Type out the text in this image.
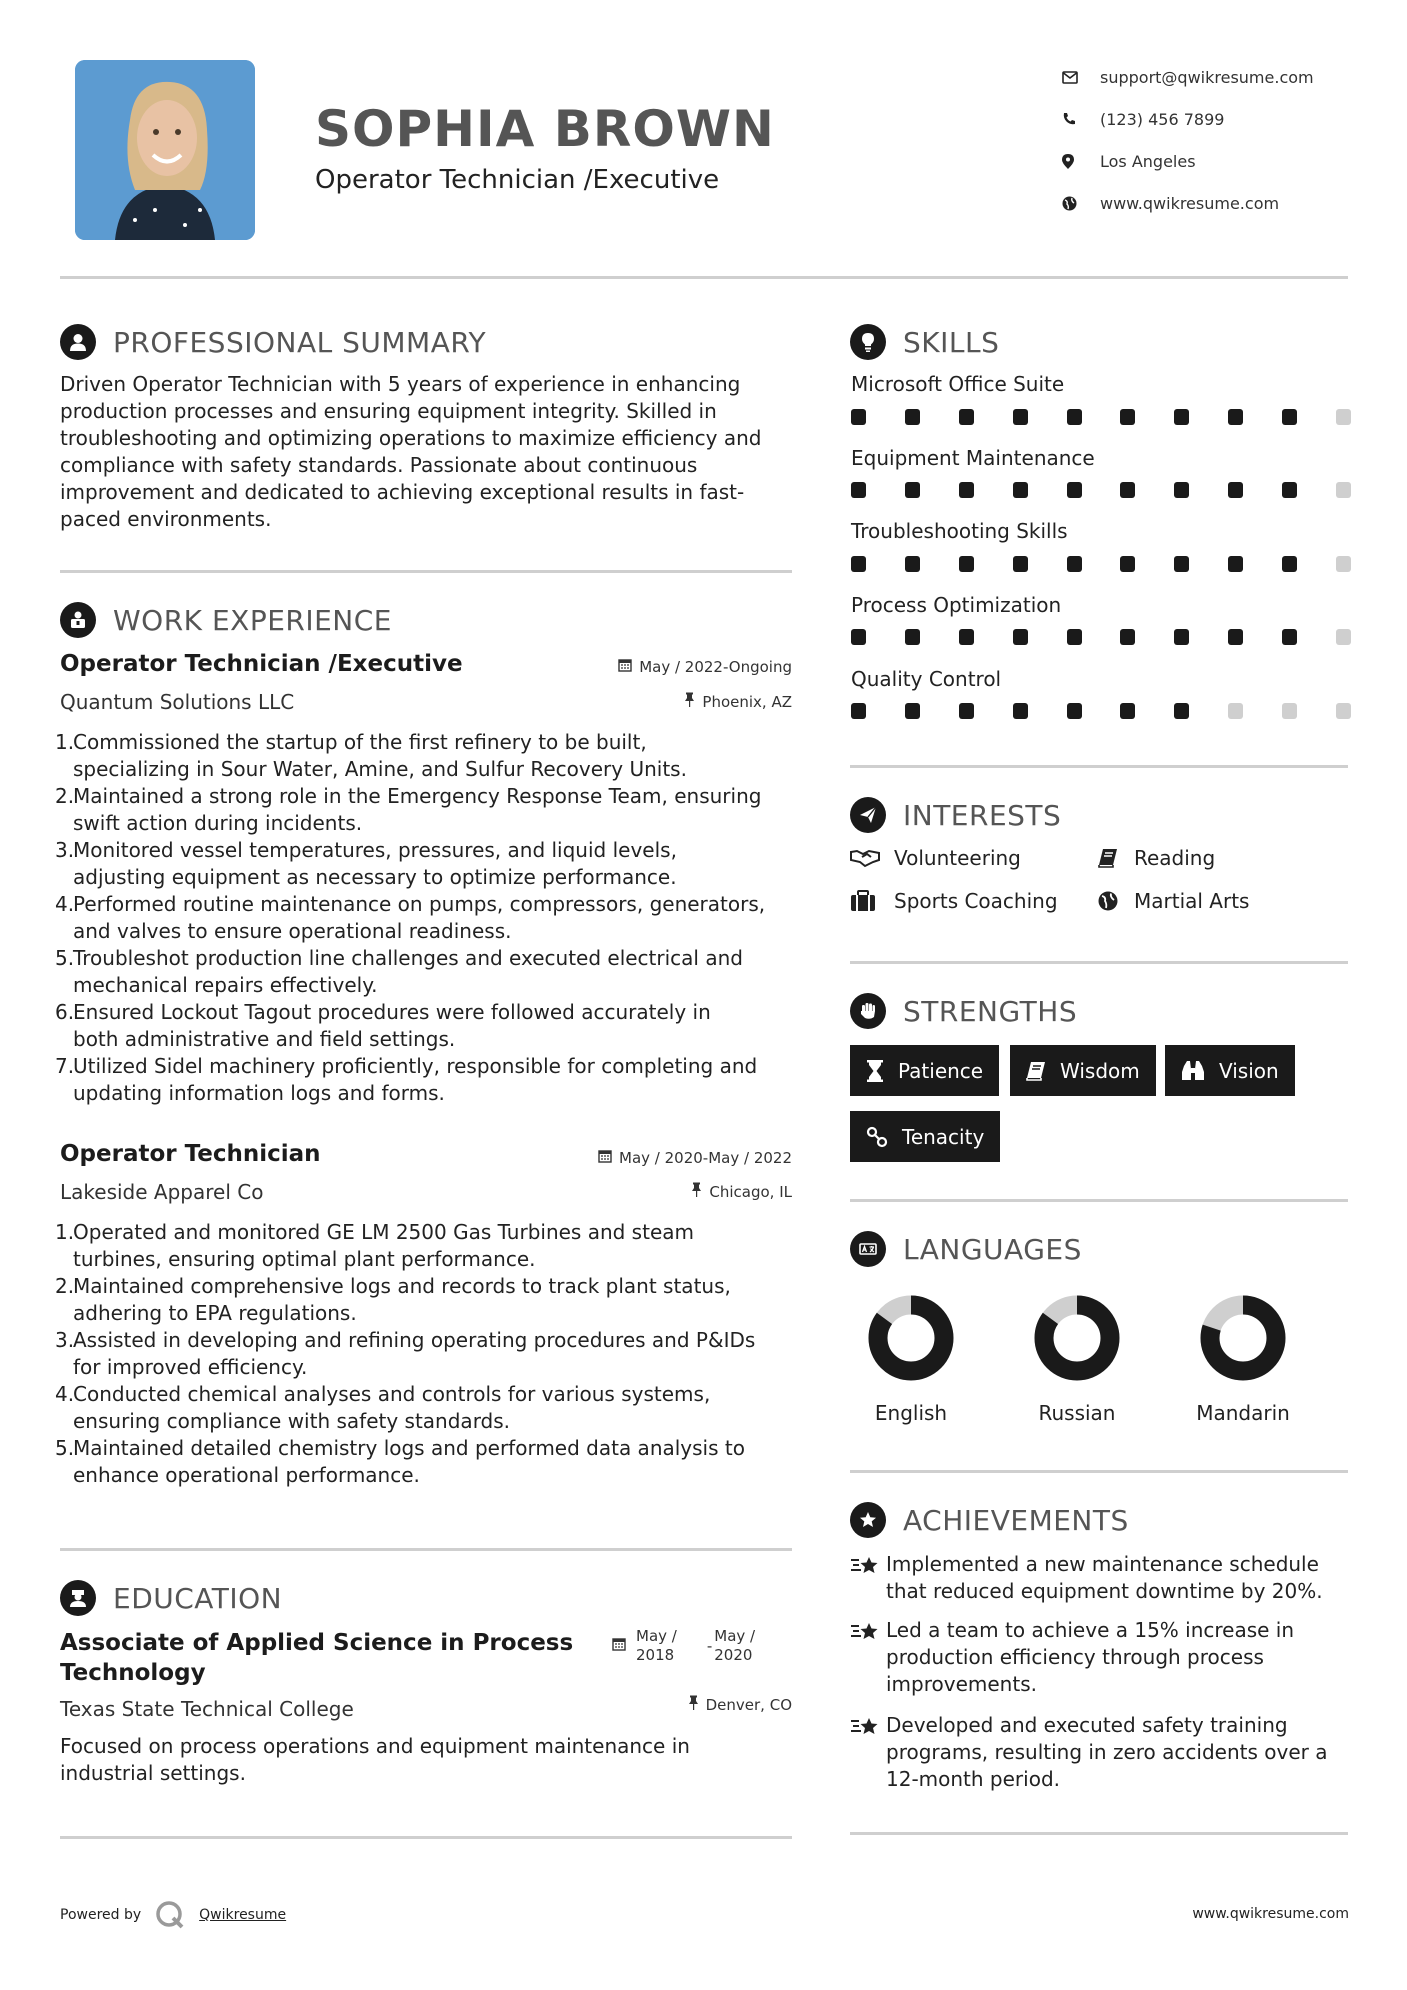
SOPHIA BROWN
Operator Technician /Executive
support@qwikresume.com
(123) 456 7899
Los Angeles
www.qwikresume.com
PROFESSIONAL SUMMARY
Driven Operator Technician with 5 years of experience in enhancing
production processes and ensuring equipment integrity. Skilled in
troubleshooting and optimizing operations to maximize efficiency and
compliance with safety standards. Passionate about continuous
improvement and dedicated to achieving exceptional results in fast-
paced environments.
WORK EXPERIENCE
Operator Technician /Executive	May / 2022-Ongoing
Quantum Solutions LLC	Phoenix, AZ
1.
Commissioned the startup of the first refinery to be built,
specializing in Sour Water, Amine, and Sulfur Recovery Units.
2.
Maintained a strong role in the Emergency Response Team, ensuring
swift action during incidents.
3.
Monitored vessel temperatures, pressures, and liquid levels,
adjusting equipment as necessary to optimize performance.
4.
Performed routine maintenance on pumps, compressors, generators,
and valves to ensure operational readiness.
5.
Troubleshot production line challenges and executed electrical and
mechanical repairs effectively.
6.
Ensured Lockout Tagout procedures were followed accurately in
both administrative and field settings.
7.
Utilized Sidel machinery proficiently, responsible for completing and
updating information logs and forms.
Operator Technician	May / 2020-May / 2022
Lakeside Apparel Co	Chicago, IL
1.
Operated and monitored GE LM 2500 Gas Turbines and steam
turbines, ensuring optimal plant performance.
2.
Maintained comprehensive logs and records to track plant status,
adhering to EPA regulations.
3.
Assisted in developing and refining operating procedures and P&IDs
for improved efficiency.
4.
Conducted chemical analyses and controls for various systems,
ensuring compliance with safety standards.
5.
Maintained detailed chemistry logs and performed data analysis to
enhance operational performance.
EDUCATION
Associate of Applied Science in Process
Technology
May /
2018 -
May /
2020
Texas State Technical College	Denver, CO
Focused on process operations and equipment maintenance in
industrial settings.
SKILLS
Microsoft Office Suite
Equipment Maintenance
Troubleshooting Skills
Process Optimization
Quality Control
INTERESTS
Volunteering	Reading
Sports Coaching	Martial Arts
STRENGTHS
Patience	Wisdom	Vision
Tenacity
LANGUAGES
English	Russian	Mandarin
ACHIEVEMENTS
Implemented a new maintenance schedule
that reduced equipment downtime by 20%.
Led a team to achieve a 15% increase in
production efficiency through process
improvements.
Developed and executed safety training
programs, resulting in zero accidents over a
12-month period.
Powered by	Qwikresume	www.qwikresume.com
